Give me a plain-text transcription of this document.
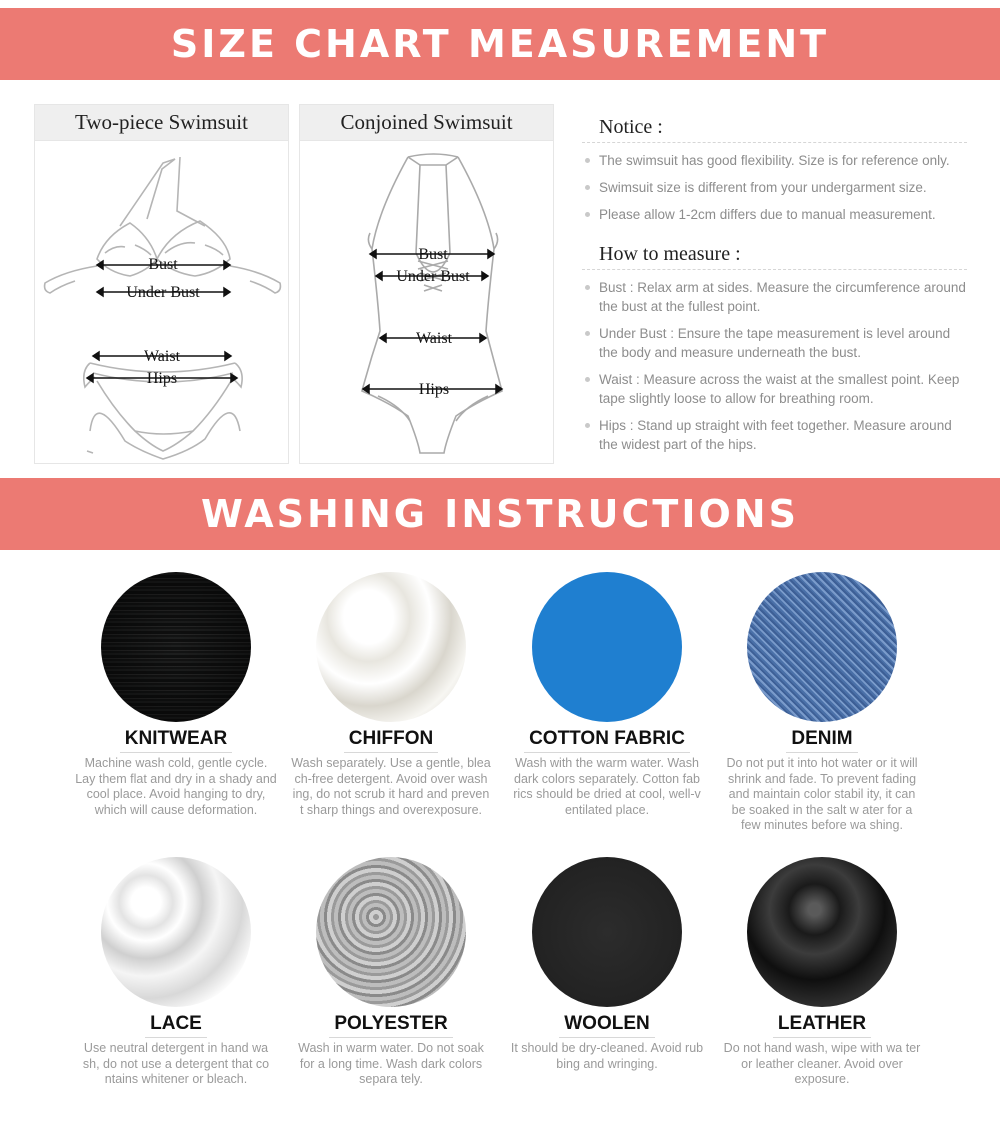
SIZE CHART MEASUREMENT
Two-piece Swimsuit
Bust
Under Bust
Waist
Hips
Conjoined Swimsuit
Bust
Under Bust
Waist
Hips
Notice :
The swimsuit has good flexibility. Size is for reference only.
Swimsuit size is different from your undergarment size.
Please allow 1-2cm differs due to manual measurement.
How to measure :
Bust : Relax arm at sides. Measure the circumference around the bust at the fullest point.
Under Bust : Ensure the tape measurement is level around the body and measure underneath the bust.
Waist : Measure across the waist at the smallest point. Keep tape slightly loose to allow for breathing room.
Hips : Stand up straight with feet together. Measure around the widest part of the hips.
WASHING INSTRUCTIONS
KNITWEAR
Machine wash cold, gentle cycle. Lay them flat and dry in a shady and cool place. Avoid hanging to dry, which will cause deformation.
CHIFFON
Wash separately. Use a gentle, blea ch-free detergent. Avoid over wash ing, do not scrub it hard and preven t sharp things and overexposure.
COTTON FABRIC
Wash with the warm water. Wash dark colors separately. Cotton fab rics should be dried at cool, well-v entilated place.
DENIM
Do not put it into hot water or it will shrink and fade. To prevent fading and maintain color stabil ity, it can be soaked in the salt w ater for a few minutes before wa shing.
LACE
Use neutral detergent in hand wa sh, do not use a detergent that co ntains whitener or bleach.
POLYESTER
Wash in warm water. Do not soak for a long time. Wash dark colors separa tely.
WOOLEN
It should be dry-cleaned. Avoid rub bing and wringing.
LEATHER
Do not hand wash, wipe with wa ter or leather cleaner. Avoid over exposure.
